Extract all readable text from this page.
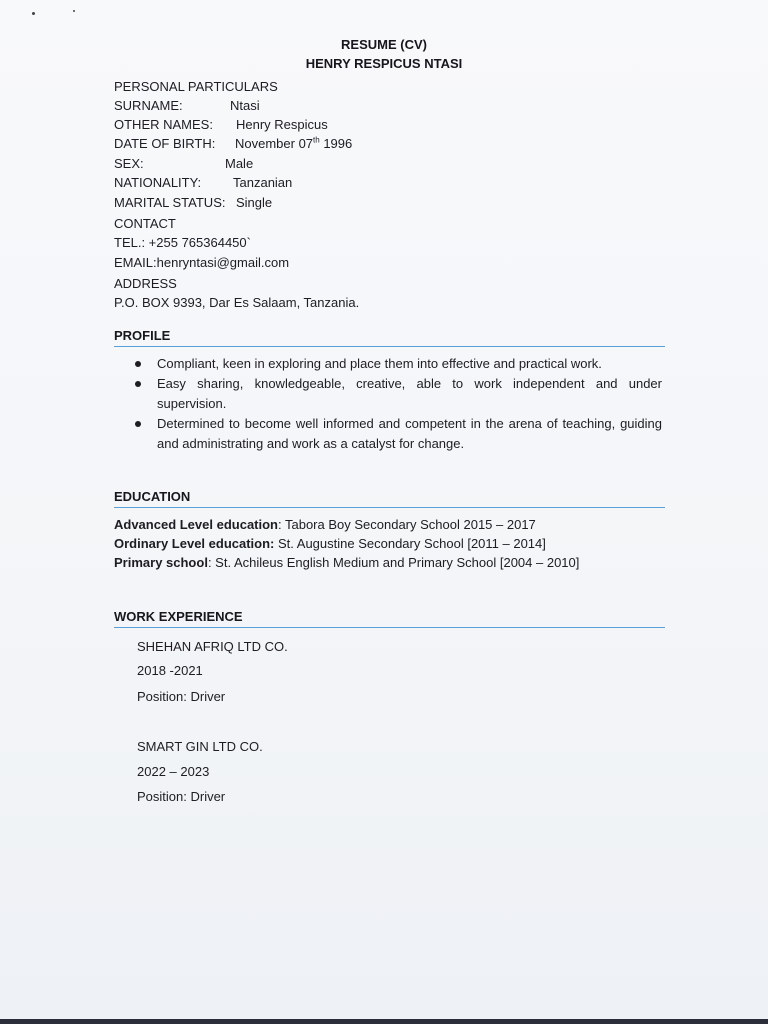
RESUME (CV)
HENRY RESPICUS NTASI
PERSONAL PARTICULARS
SURNAME:	Ntasi
OTHER NAMES: Henry Respicus
DATE OF BIRTH: November 07th 1996
SEX:	Male
NATIONALITY: Tanzanian
MARITAL STATUS: Single
CONTACT
TEL.: +255 765364450`
EMAIL:henryntasi@gmail.com
ADDRESS
P.O. BOX 9393, Dar Es Salaam, Tanzania.
PROFILE
Compliant, keen in exploring and place them into effective and practical work.
Easy sharing, knowledgeable, creative, able to work independent and under supervision.
Determined to become well informed and competent in the arena of teaching, guiding and administrating and work as a catalyst for change.
EDUCATION
Advanced Level education: Tabora Boy Secondary School 2015 – 2017
Ordinary Level education: St. Augustine Secondary School [2011 – 2014]
Primary school: St. Achileus English Medium and Primary School [2004 – 2010]
WORK EXPERIENCE
SHEHAN AFRIQ LTD CO.
2018 -2021
Position: Driver
SMART GIN LTD CO.
2022 – 2023
Position: Driver
